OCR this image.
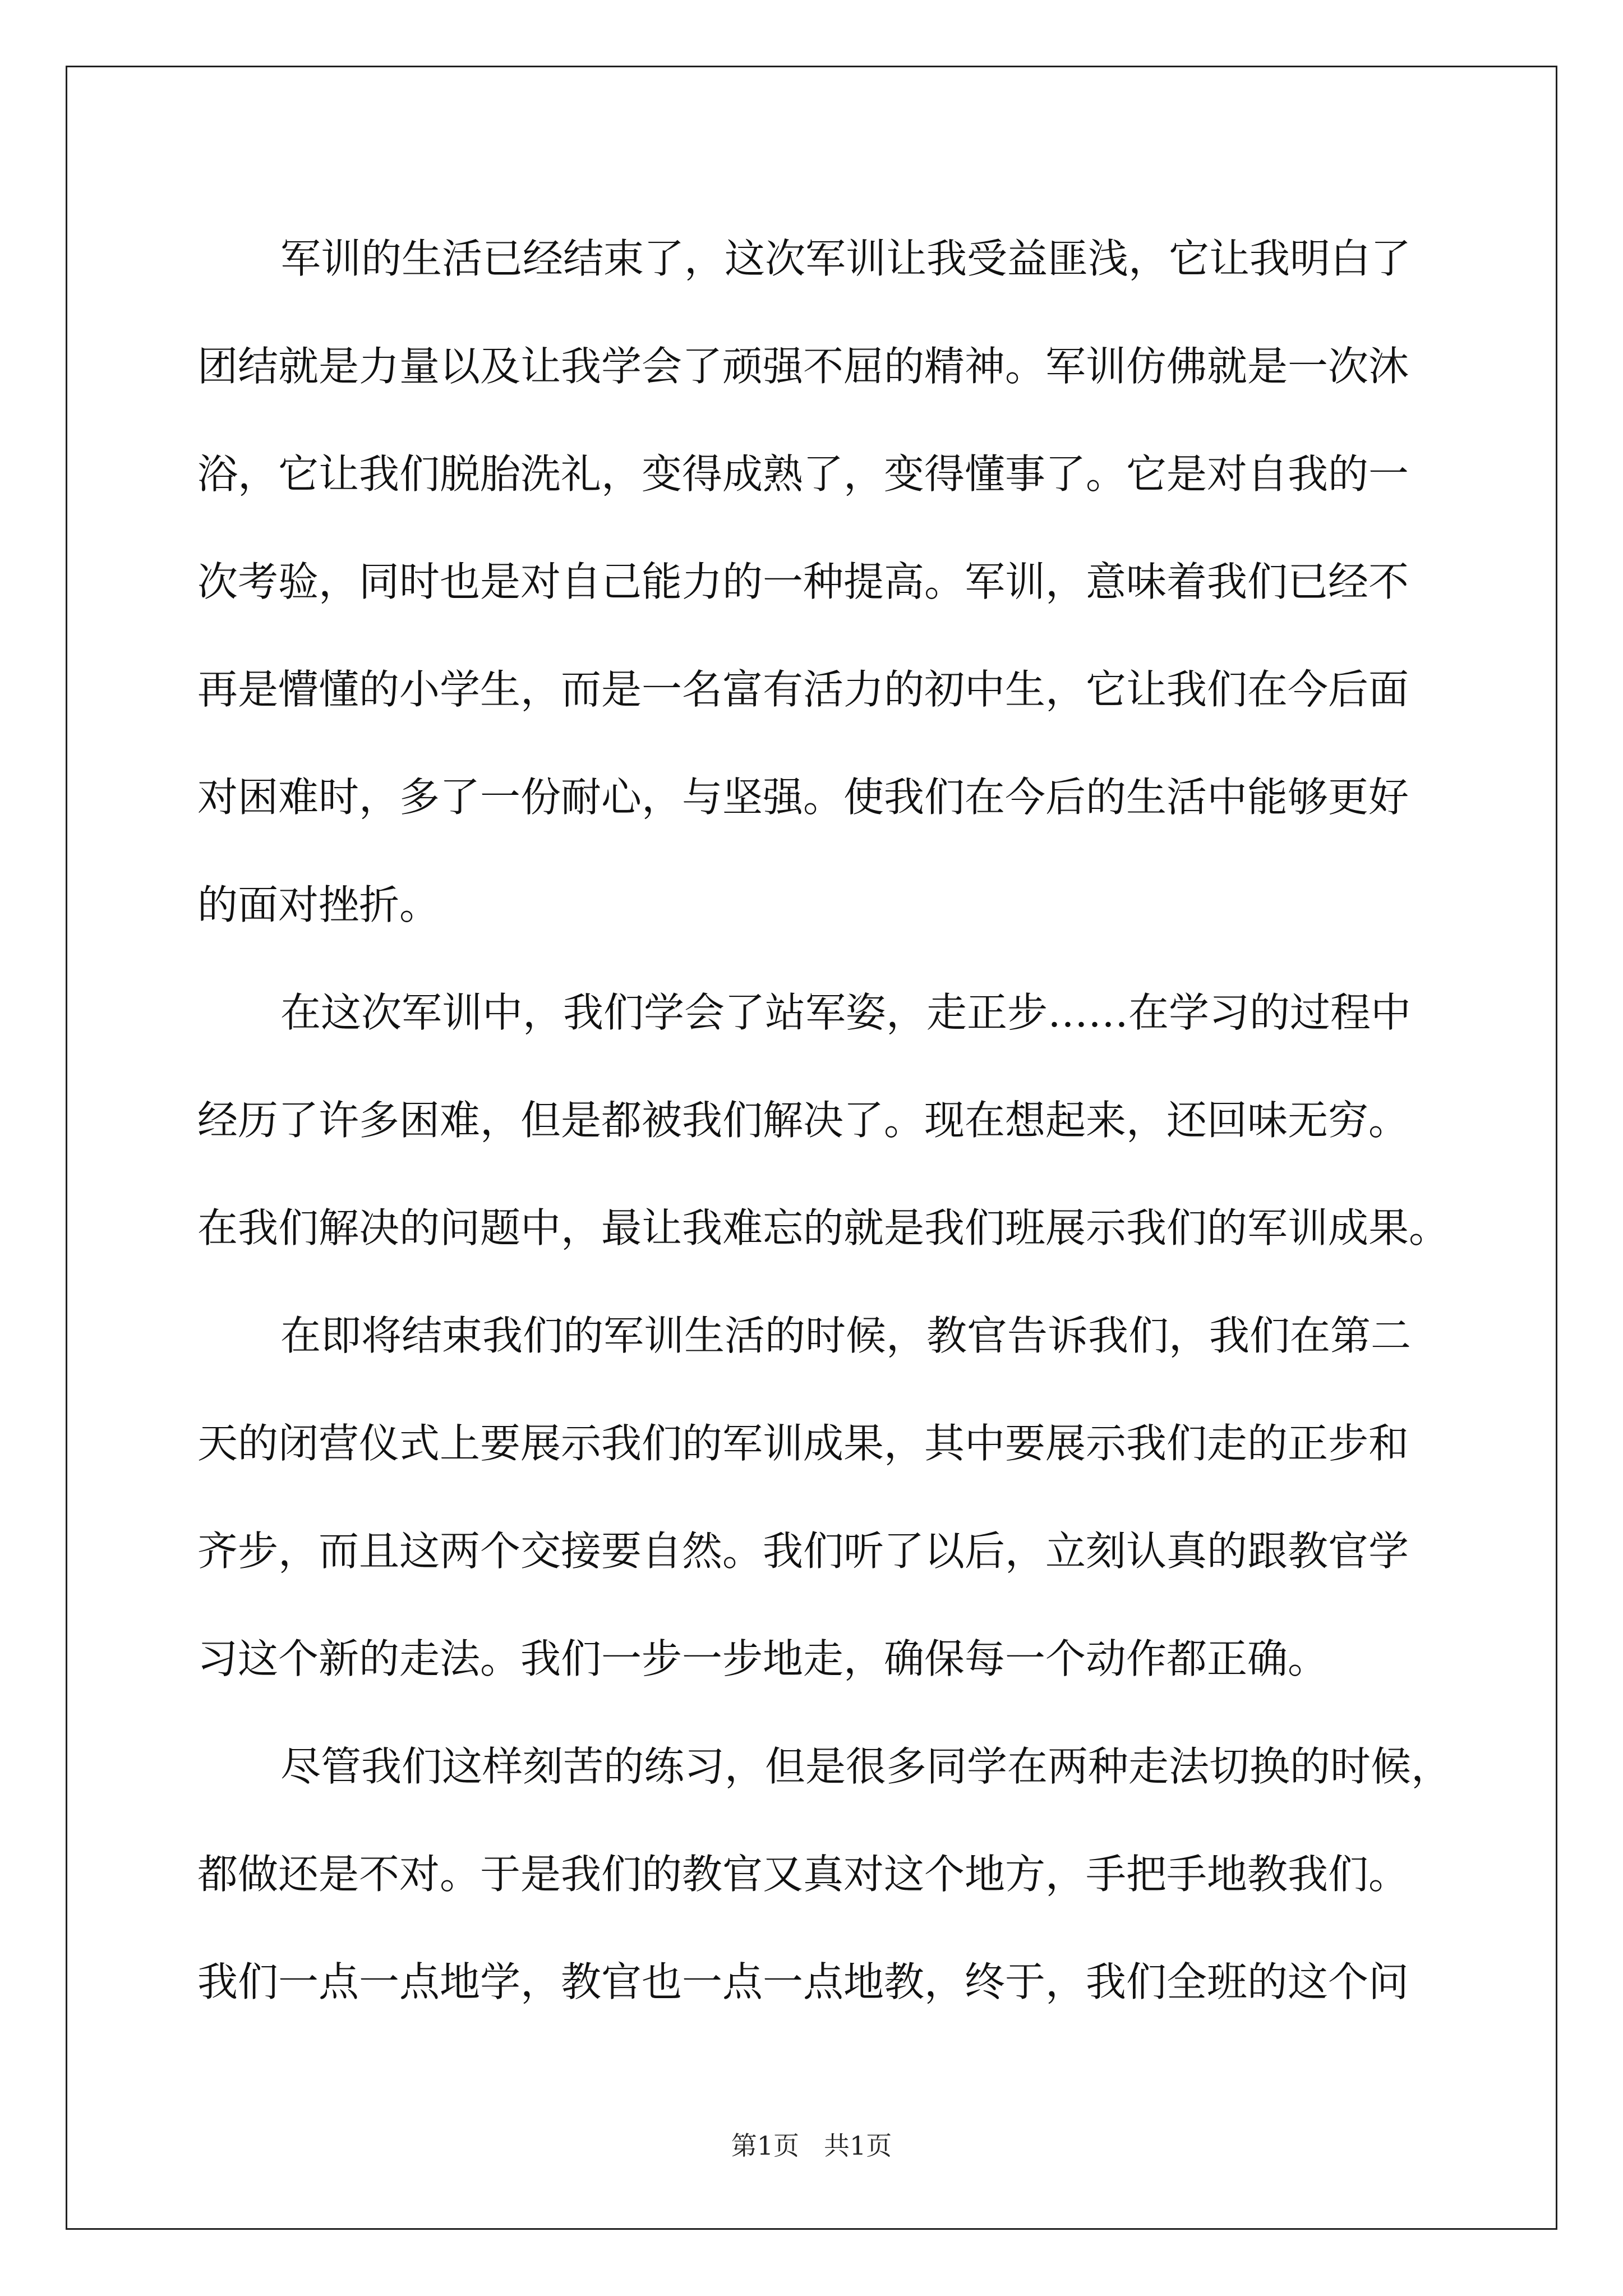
军训的生活已经结束了，这次军训让我受益匪浅，它让我明白了
团结就是力量以及让我学会了顽强不屈的精神。军训仿佛就是一次沐
浴，它让我们脱胎洗礼，变得成熟了，变得懂事了。它是对自我的一
次考验，同时也是对自己能力的一种提高。军训，意味着我们已经不
再是懵懂的小学生，而是一名富有活力的初中生，它让我们在今后面
对困难时，多了一份耐心，与坚强。使我们在今后的生活中能够更好
的面对挫折。
在这次军训中，我们学会了站军姿，走正步……在学习的过程中
经历了许多困难，但是都被我们解决了。现在想起来，还回味无穷。
在我们解决的问题中，最让我难忘的就是我们班展示我们的军训成果。
在即将结束我们的军训生活的时候，教官告诉我们，我们在第二
天的闭营仪式上要展示我们的军训成果，其中要展示我们走的正步和
齐步，而且这两个交接要自然。我们听了以后，立刻认真的跟教官学
习这个新的走法。我们一步一步地走，确保每一个动作都正确。
尽管我们这样刻苦的练习，但是很多同学在两种走法切换的时候，
都做还是不对。于是我们的教官又真对这个地方，手把手地教我们。
我们一点一点地学，教官也一点一点地教，终于，我们全班的这个问
第1页 共1页
